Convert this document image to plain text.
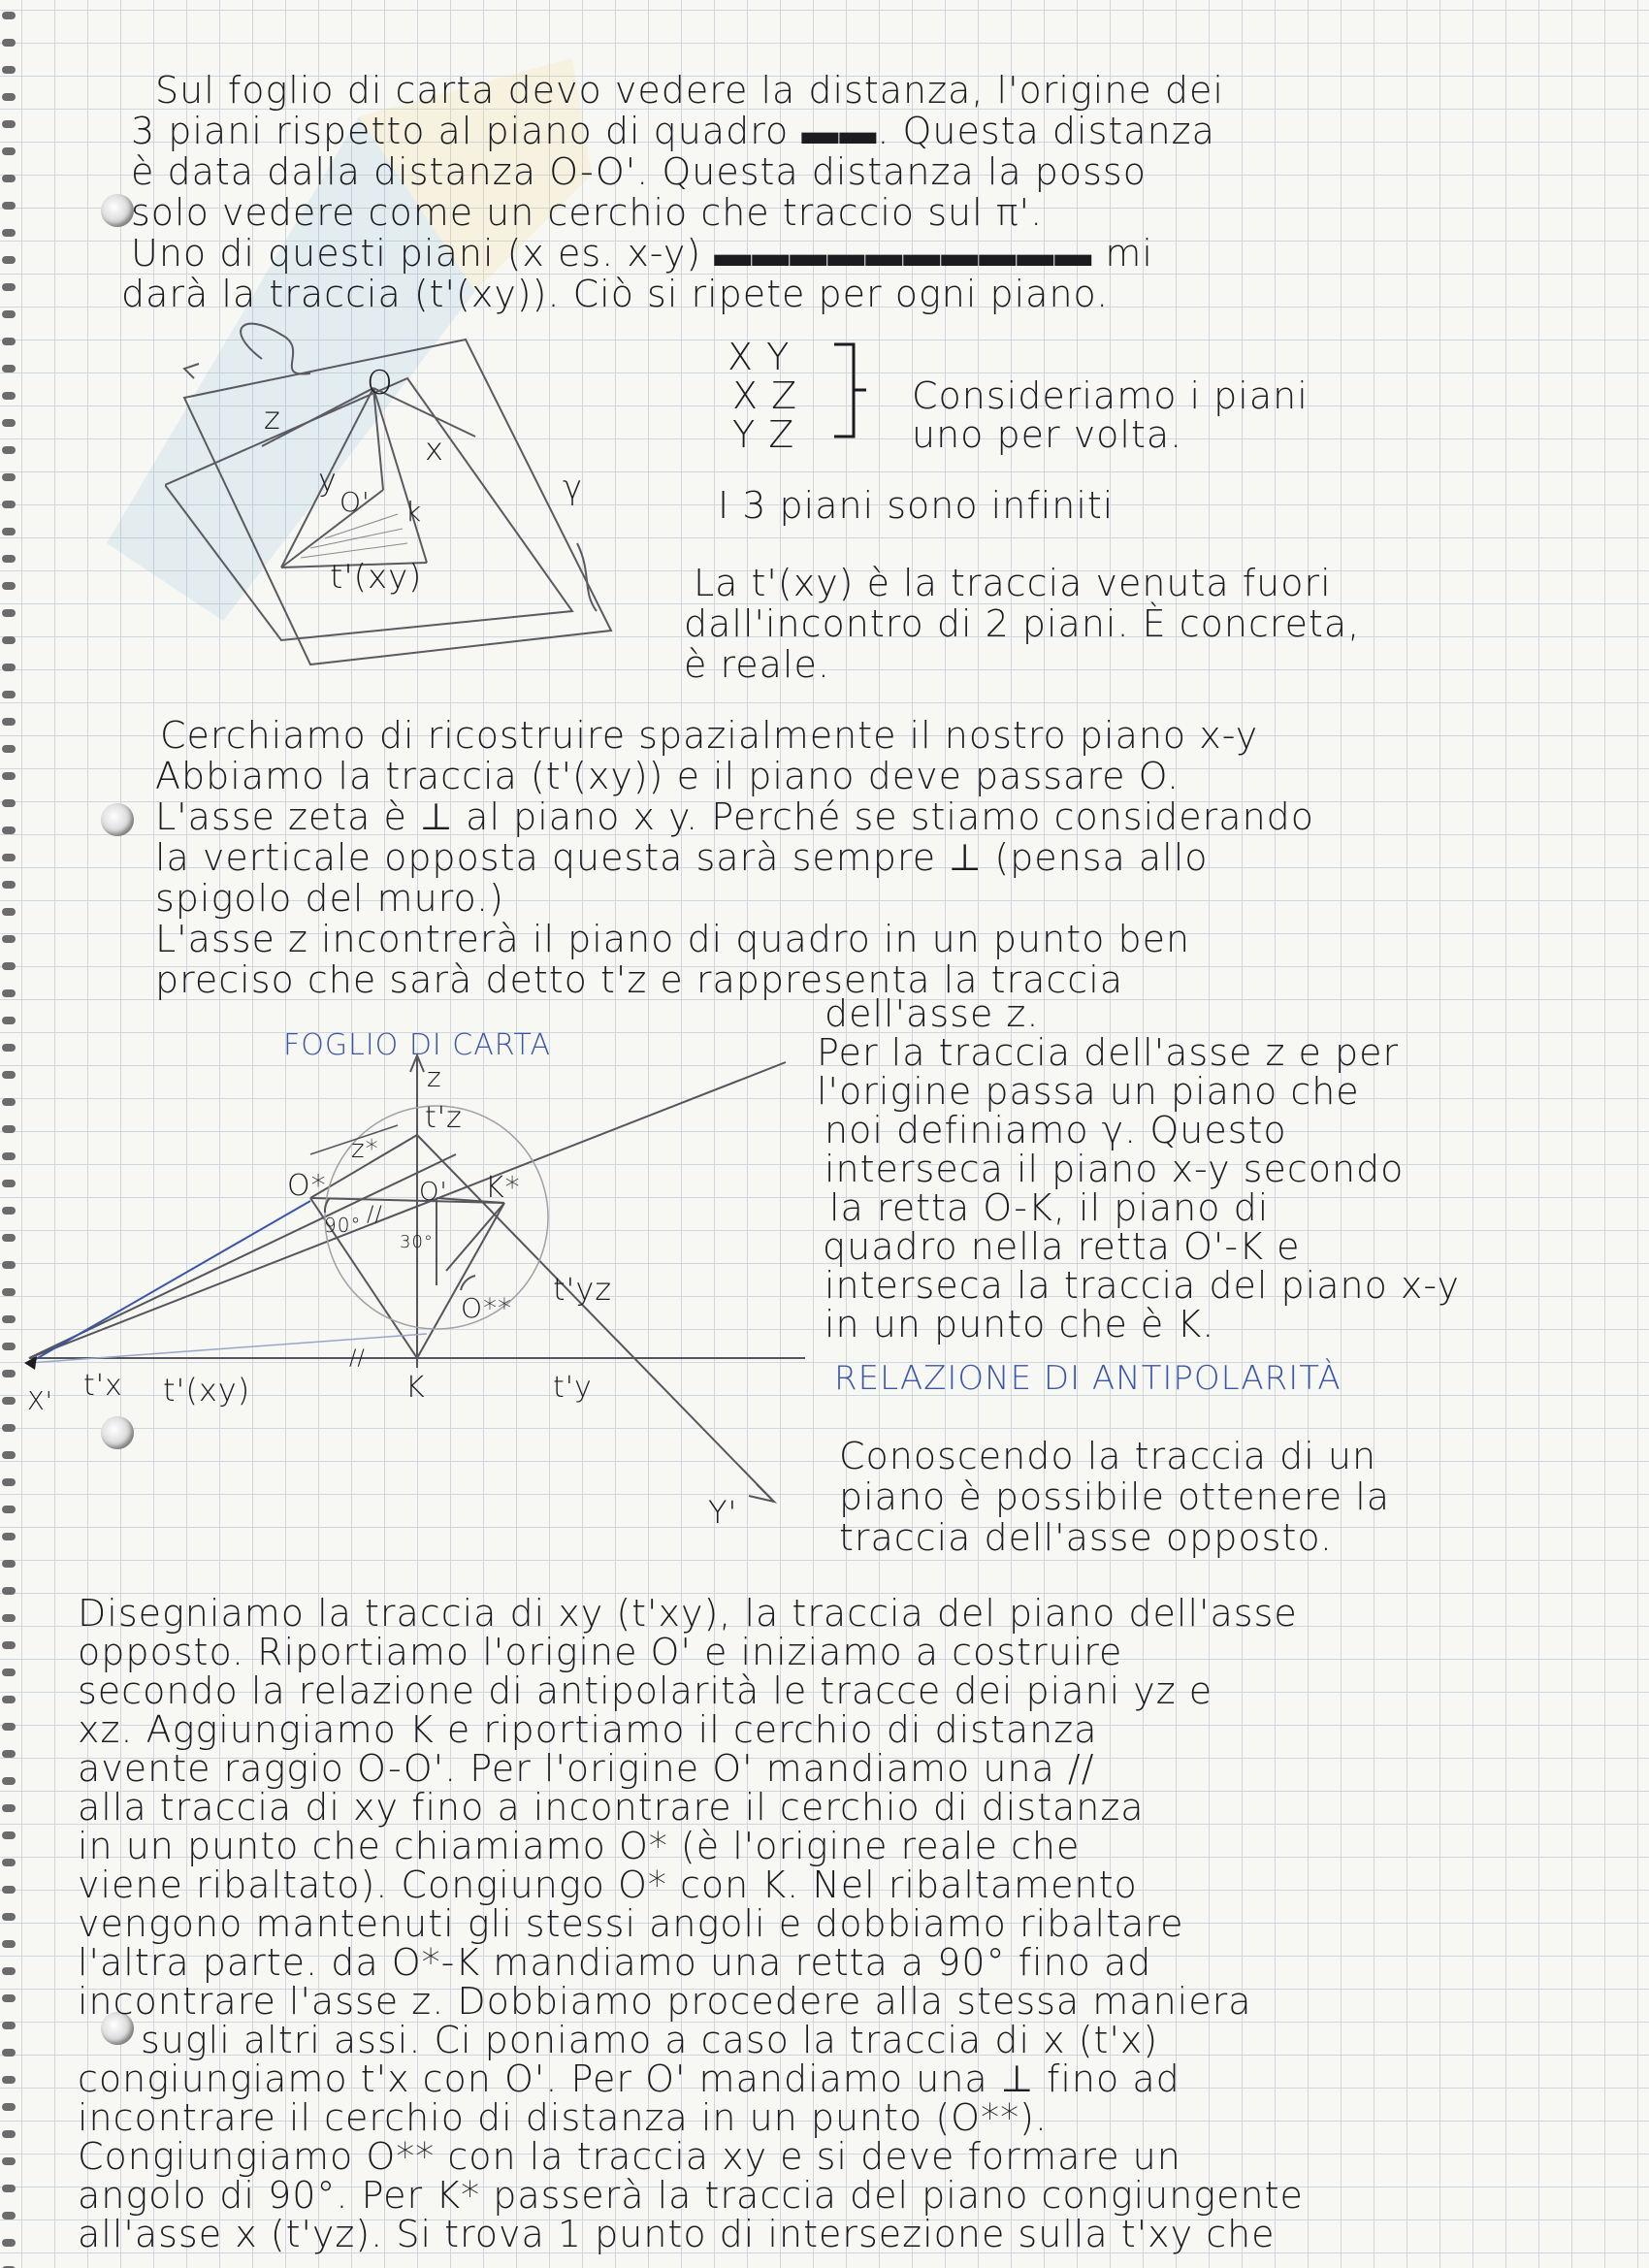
Sul foglio di carta devo vedere la distanza, l'origine dei
3 piani rispetto al piano di quadro ▬▬. Questa distanza
è data dalla distanza O-O'. Questa distanza la posso
solo vedere come un cerchio che traccio sul π'.
Uno di questi piani (x es. x-y) ▬▬▬▬▬▬▬▬▬▬ mi
darà la traccia (t'(xy)). Ciò si ripete per ogni piano.
O
z
x
y
O' k
t'(xy)
γ
X Y
X Z
Y Z
Consideriamo i piani
uno per volta.
I 3 piani sono infiniti
La t'(xy) è la traccia venuta fuori
dall'incontro di 2 piani. È concreta,
è reale.
Cerchiamo di ricostruire spazialmente il nostro piano x-y
Abbiamo la traccia (t'(xy)) e il piano deve passare O.
L'asse zeta è ⊥ al piano x y. Perché se stiamo considerando
la verticale opposta questa sarà sempre ⊥ (pensa allo
spigolo del muro.)
L'asse z incontrerà il piano di quadro in un punto ben
preciso che sarà detto t'z e rappresenta la traccia
dell'asse z.
Per la traccia dell'asse z e per
l'origine passa un piano che
noi definiamo γ. Questo
interseca il piano x-y secondo
la retta O-K, il piano di
quadro nella retta O'-K e
interseca la traccia del piano x-y
in un punto che è K.
FOGLIO DI CARTA
z
t'z
z*
O*	O' K*
90°
30°
//
O**
t'yz
//
t'x t'(xy)	K	t'y
X'
Y'
RELAZIONE DI ANTIPOLARITÀ
Conoscendo la traccia di un
piano è possibile ottenere la
traccia dell'asse opposto.
Disegniamo la traccia di xy (t'xy), la traccia del piano dell'asse
opposto. Riportiamo l'origine O' e iniziamo a costruire
secondo la relazione di antipolarità le tracce dei piani yz e
xz. Aggiungiamo K e riportiamo il cerchio di distanza
avente raggio O-O'. Per l'origine O' mandiamo una //
alla traccia di xy fino a incontrare il cerchio di distanza
in un punto che chiamiamo O* (è l'origine reale che
viene ribaltato). Congiungo O* con K. Nel ribaltamento
vengono mantenuti gli stessi angoli e dobbiamo ribaltare
l'altra parte. da O*-K mandiamo una retta a 90° fino ad
incontrare l'asse z. Dobbiamo procedere alla stessa maniera
sugli altri assi. Ci poniamo a caso la traccia di x (t'x)
congiungiamo t'x con O'. Per O' mandiamo una ⊥ fino ad
incontrare il cerchio di distanza in un punto (O**).
Congiungiamo O** con la traccia xy e si deve formare un
angolo di 90°. Per K* passerà la traccia del piano congiungente
all'asse x (t'yz). Si trova 1 punto di intersezione sulla t'xy che
